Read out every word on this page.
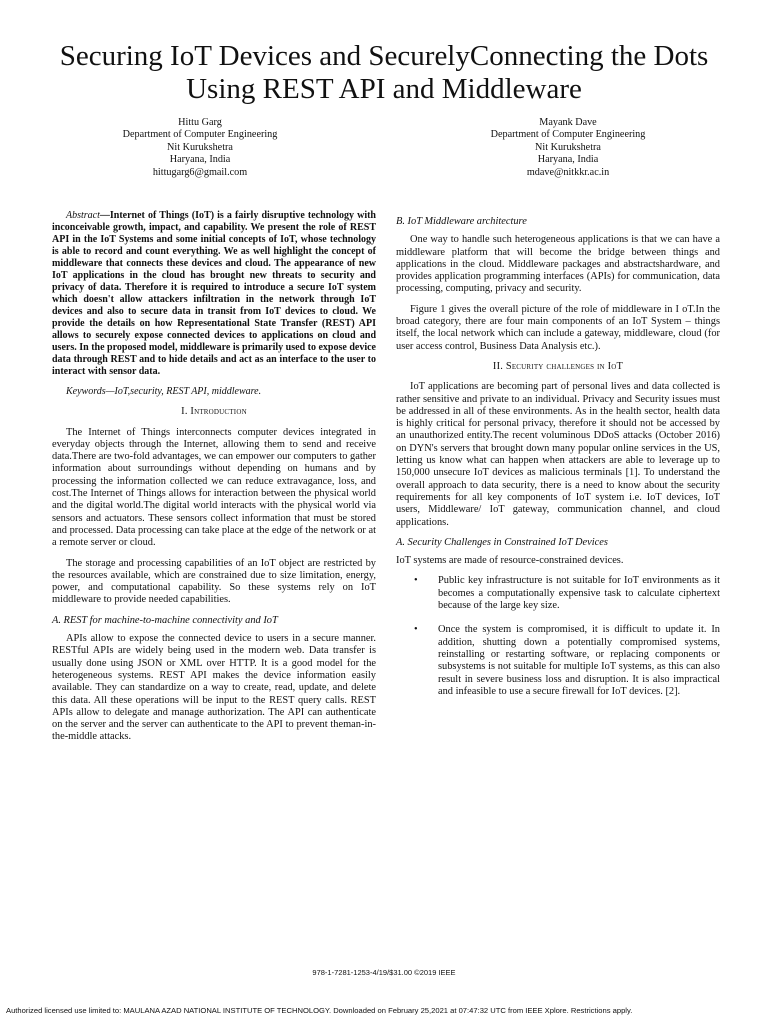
Securing IoT Devices and SecurelyConnecting the Dots Using REST API and Middleware
Hittu Garg
Department of Computer Engineering
Nit Kurukshetra
Haryana, India
hittugarg6@gmail.com
Mayank Dave
Department of Computer Engineering
Nit Kurukshetra
Haryana, India
mdave@nitkkr.ac.in

Abstract—Internet of Things (IoT) is a fairly disruptive technology with inconceivable growth, impact, and capability. We present the role of REST API in the IoT Systems and some initial concepts of IoT, whose technology is able to record and count everything. We as well highlight the concept of middleware that connects these devices and cloud. The appearance of new IoT applications in the cloud has brought new threats to security and privacy of data. Therefore it is required to introduce a secure IoT system which doesn't allow attackers infiltration in the network through IoT devices and also to secure data in transit from IoT devices to cloud. We provide the details on how Representational State Transfer (REST) API allows to securely expose connected devices to applications on cloud and users. In the proposed model, middleware is primarily used to expose device data through REST and to hide details and act as an interface to the user to interact with sensor data.

Keywords—IoT,security, REST API, middleware.

I. Introduction

The Internet of Things interconnects computer devices integrated in everyday objects through the Internet, allowing them to send and receive data.There are two-fold advantages, we can empower our computers to gather information about surroundings without depending on humans and by processing the information collected we can reduce extravagance, loss, and cost.The Internet of Things allows for interaction between the physical world and the digital world.The digital world interacts with the physical world via sensors and actuators. These sensors collect information that must be stored and processed. Data processing can take place at the edge of the network or at a remote server or cloud.

The storage and processing capabilities of an IoT object are restricted by the resources available, which are constrained due to size limitation, energy, power, and computational capability. So these systems rely on IoT middleware to provide needed capabilities.

A. REST for machine-to-machine connectivity and IoT

APIs allow to expose the connected device to users in a secure manner. RESTful APIs are widely being used in the modern web. Data transfer is usually done using JSON or XML over HTTP. It is a good model for the heterogeneous systems. REST API makes the device information easily available. They can standardize on a way to create, read, update, and delete this data. All these operations will be input to the REST query calls. REST APIs allow to delegate and manage authorization. The API can authenticate on the server and the server can authenticate to the API to prevent theman-in-the-middle attacks.

B. IoT Middleware architecture

One way to handle such heterogeneous applications is that we can have a middleware platform that will become the bridge between things and applications in the cloud. Middleware packages and abstractshardware, and provides application programming interfaces (APIs) for communication, data processing, computing, privacy and security.

Figure 1 gives the overall picture of the role of middleware in I oT.In the broad category, there are four main components of an IoT System – things itself, the local network which can include a gateway, middleware, cloud (for user access control, Business Data Analysis etc.).

II. Security challenges in IoT

IoT applications are becoming part of personal lives and data collected is rather sensitive and private to an individual. Privacy and Security issues must be addressed in all of these environments. As in the health sector, health data is highly critical for personal privacy, therefore it should not be accessed by an unauthorized entity.The recent voluminous DDoS attacks (October 2016) on DYN's servers that brought down many popular online services in the US, letting us know what can happen when attackers are able to leverage up to 150,000 unsecure IoT devices as malicious terminals [1]. To understand the overall approach to data security, there is a need to know about the security requirements for all key components of IoT system i.e. IoT devices, IoT users, Middleware/ IoT gateway, communication channel, and cloud applications.

A. Security Challenges in Constrained IoT Devices

IoT systems are made of resource-constrained devices.

• Public key infrastructure is not suitable for IoT environments as it becomes a computationally expensive task to calculate ciphertext because of the large key size.
• Once the system is compromised, it is difficult to update it. In addition, shutting down a potentially compromised systems, reinstalling or restarting software, or replacing components or subsystems is not suitable for multiple IoT systems, as this can also result in severe business loss and disruption. It is also impractical and infeasible to use a secure firewall for IoT devices. [2].
978-1-7281-1253-4/19/$31.00 ©2019 IEEE
Authorized licensed use limited to: MAULANA AZAD NATIONAL INSTITUTE OF TECHNOLOGY. Downloaded on February 25,2021 at 07:47:32 UTC from IEEE Xplore. Restrictions apply.
